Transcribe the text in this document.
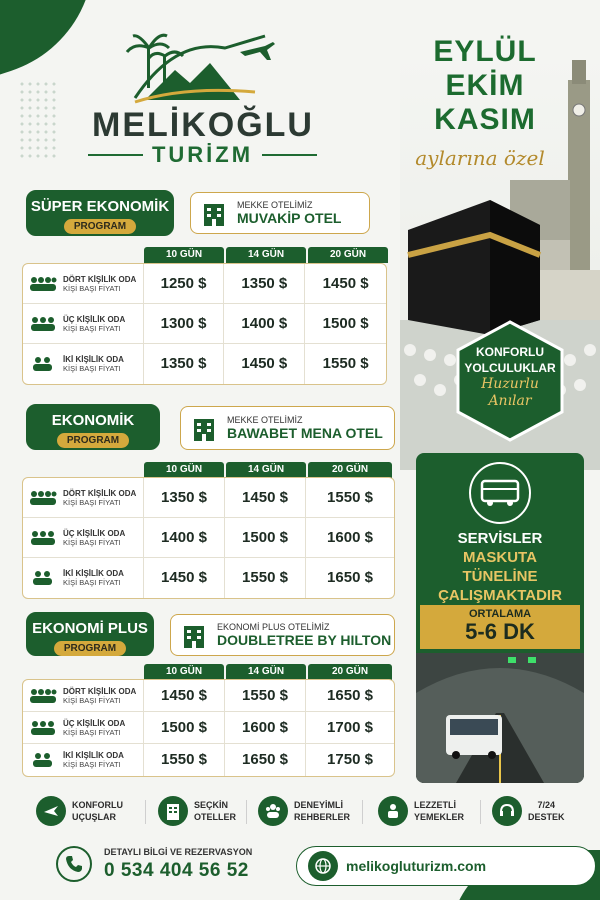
MELİKOĞLU
TURİZM
EYLÜL
EKİM
KASIM
aylarına özel
KONFORLU
YOLCULUKLAR
Huzurlu
Anılar
SÜPER EKONOMİK
PROGRAM
MEKKE OTELİMİZ
MUVAKİP OTEL
10 GÜN	14 GÜN	20 GÜN
DÖRT KİŞİLİK ODA
KİŞİ BAŞI FİYATI	1250 $	1350 $	1450 $
ÜÇ KİŞİLİK ODA
KİŞİ BAŞI FİYATI	1300 $	1400 $	1500 $
İKİ KİŞİLİK ODA
KİŞİ BAŞI FİYATI	1350 $	1450 $	1550 $
EKONOMİK
PROGRAM
MEKKE OTELİMİZ
BAWABET MENA OTEL
10 GÜN	14 GÜN	20 GÜN
DÖRT KİŞİLİK ODA
KİŞİ BAŞI FİYATI	1350 $	1450 $	1550 $
ÜÇ KİŞİLİK ODA
KİŞİ BAŞI FİYATI	1400 $	1500 $	1600 $
İKİ KİŞİLİK ODA
KİŞİ BAŞI FİYATI	1450 $	1550 $	1650 $
EKONOMİ PLUS
PROGRAM
EKONOMİ PLUS OTELİMİZ
DOUBLETREE BY HILTON
10 GÜN	14 GÜN	20 GÜN
DÖRT KİŞİLİK ODA
KİŞİ BAŞI FİYATI	1450 $	1550 $	1650 $
ÜÇ KİŞİLİK ODA
KİŞİ BAŞI FİYATI	1500 $	1600 $	1700 $
İKİ KİŞİLİK ODA
KİŞİ BAŞI FİYATI	1550 $	1650 $	1750 $
SERVİSLER
MASKUTA
TÜNELİNE
ÇALIŞMAKTADIR
ORTALAMA
5-6 DK
KONFORLU
UÇUŞLAR
SEÇKİN
OTELLER
DENEYİMLİ
REHBERLER
LEZZETLİ
YEMEKLER
7/24
DESTEK
DETAYLI BİLGİ VE REZERVASYON
0 534 404 56 52	melikogluturizm.com
